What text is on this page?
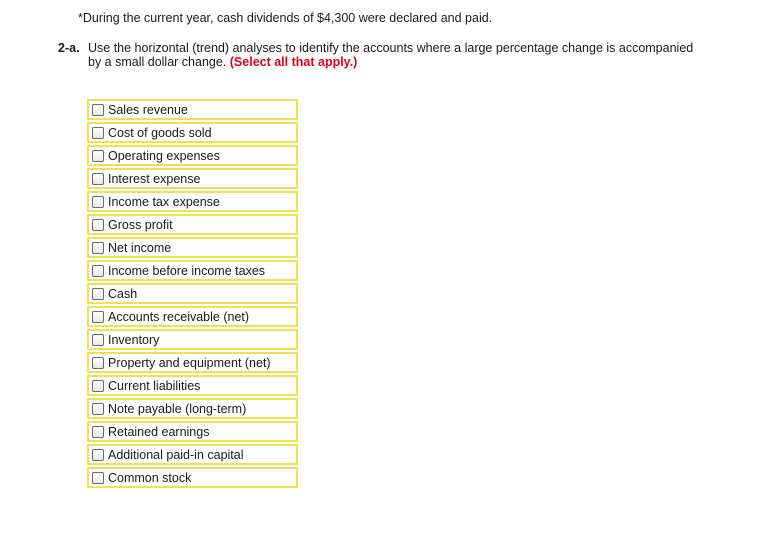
*During the current year, cash dividends of $4,300 were declared and paid.
2-a. Use the horizontal (trend) analyses to identify the accounts where a large percentage change is accompanied by a small dollar change. (Select all that apply.)
Sales revenue
Cost of goods sold
Operating expenses
Interest expense
Income tax expense
Gross profit
Net income
Income before income taxes
Cash
Accounts receivable (net)
Inventory
Property and equipment (net)
Current liabilities
Note payable (long-term)
Retained earnings
Additional paid-in capital
Common stock
